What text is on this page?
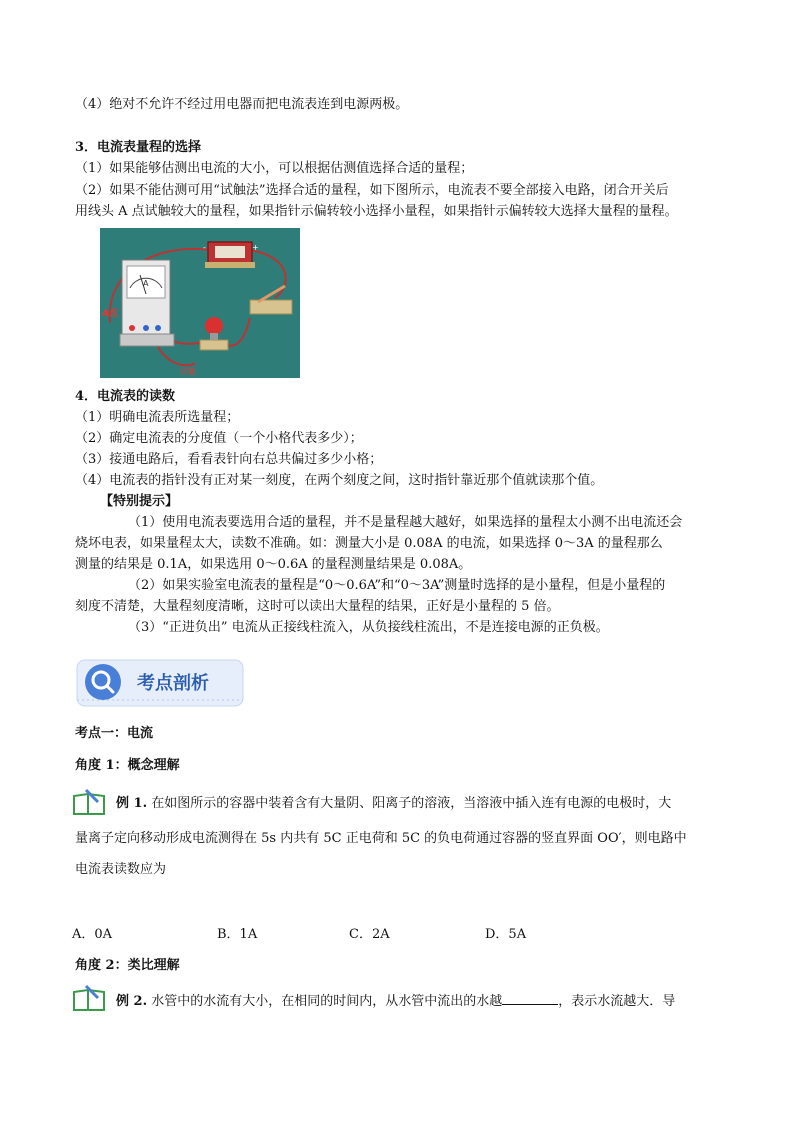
（4）绝对不允许不经过用电器而把电流表连到电源两极。
3．电流表量程的选择
（1）如果能够估测出电流的大小，可以根据估测值选择合适的量程；
（2）如果不能估测可用“试触法”选择合适的量程，如下图所示，电流表不要全部接入电路，闭合开关后
用线头 A 点试触较大的量程，如果指针示偏转较小选择小量程，如果指针示偏转较大选择大量程的量程。
A
+
-
A点
试触
4．电流表的读数
（1）明确电流表所选量程；
（2）确定电流表的分度值（一个小格代表多少）；
（3）接通电路后，看看表针向右总共偏过多少小格；
（4）电流表的指针没有正对某一刻度，在两个刻度之间，这时指针靠近那个值就读那个值。
【特别提示】
（1）使用电流表要选用合适的量程，并不是量程越大越好，如果选择的量程太小测不出电流还会
烧坏电表，如果量程太大，读数不准确。如：测量大小是 0.08A 的电流，如果选择 0～3A 的量程那么
测量的结果是 0.1A，如果选用 0～0.6A 的量程测量结果是 0.08A。
（2）如果实验室电流表的量程是“0～0.6A”和“0～3A”测量时选择的是小量程，但是小量程的
刻度不清楚，大量程刻度清晰，这时可以读出大量程的结果，正好是小量程的 5 倍。
（3）“正进负出” 电流从正接线柱流入，从负接线柱流出，不是连接电源的正负极。
考点剖析
考点一：电流
角度 1：概念理解
例 1. 在如图所示的容器中装着含有大量阴、阳离子的溶液，当溶液中插入连有电源的电极时，大
量离子定向移动形成电流测得在 5s 内共有 5C 正电荷和 5C 的负电荷通过容器的竖直界面 OO′，则电路中
电流表读数应为
A．0A	B．1A	C．2A	D．5A
角度 2：类比理解
例 2. 水管中的水流有大小，在相同的时间内，从水管中流出的水越	，表示水流越大．导
